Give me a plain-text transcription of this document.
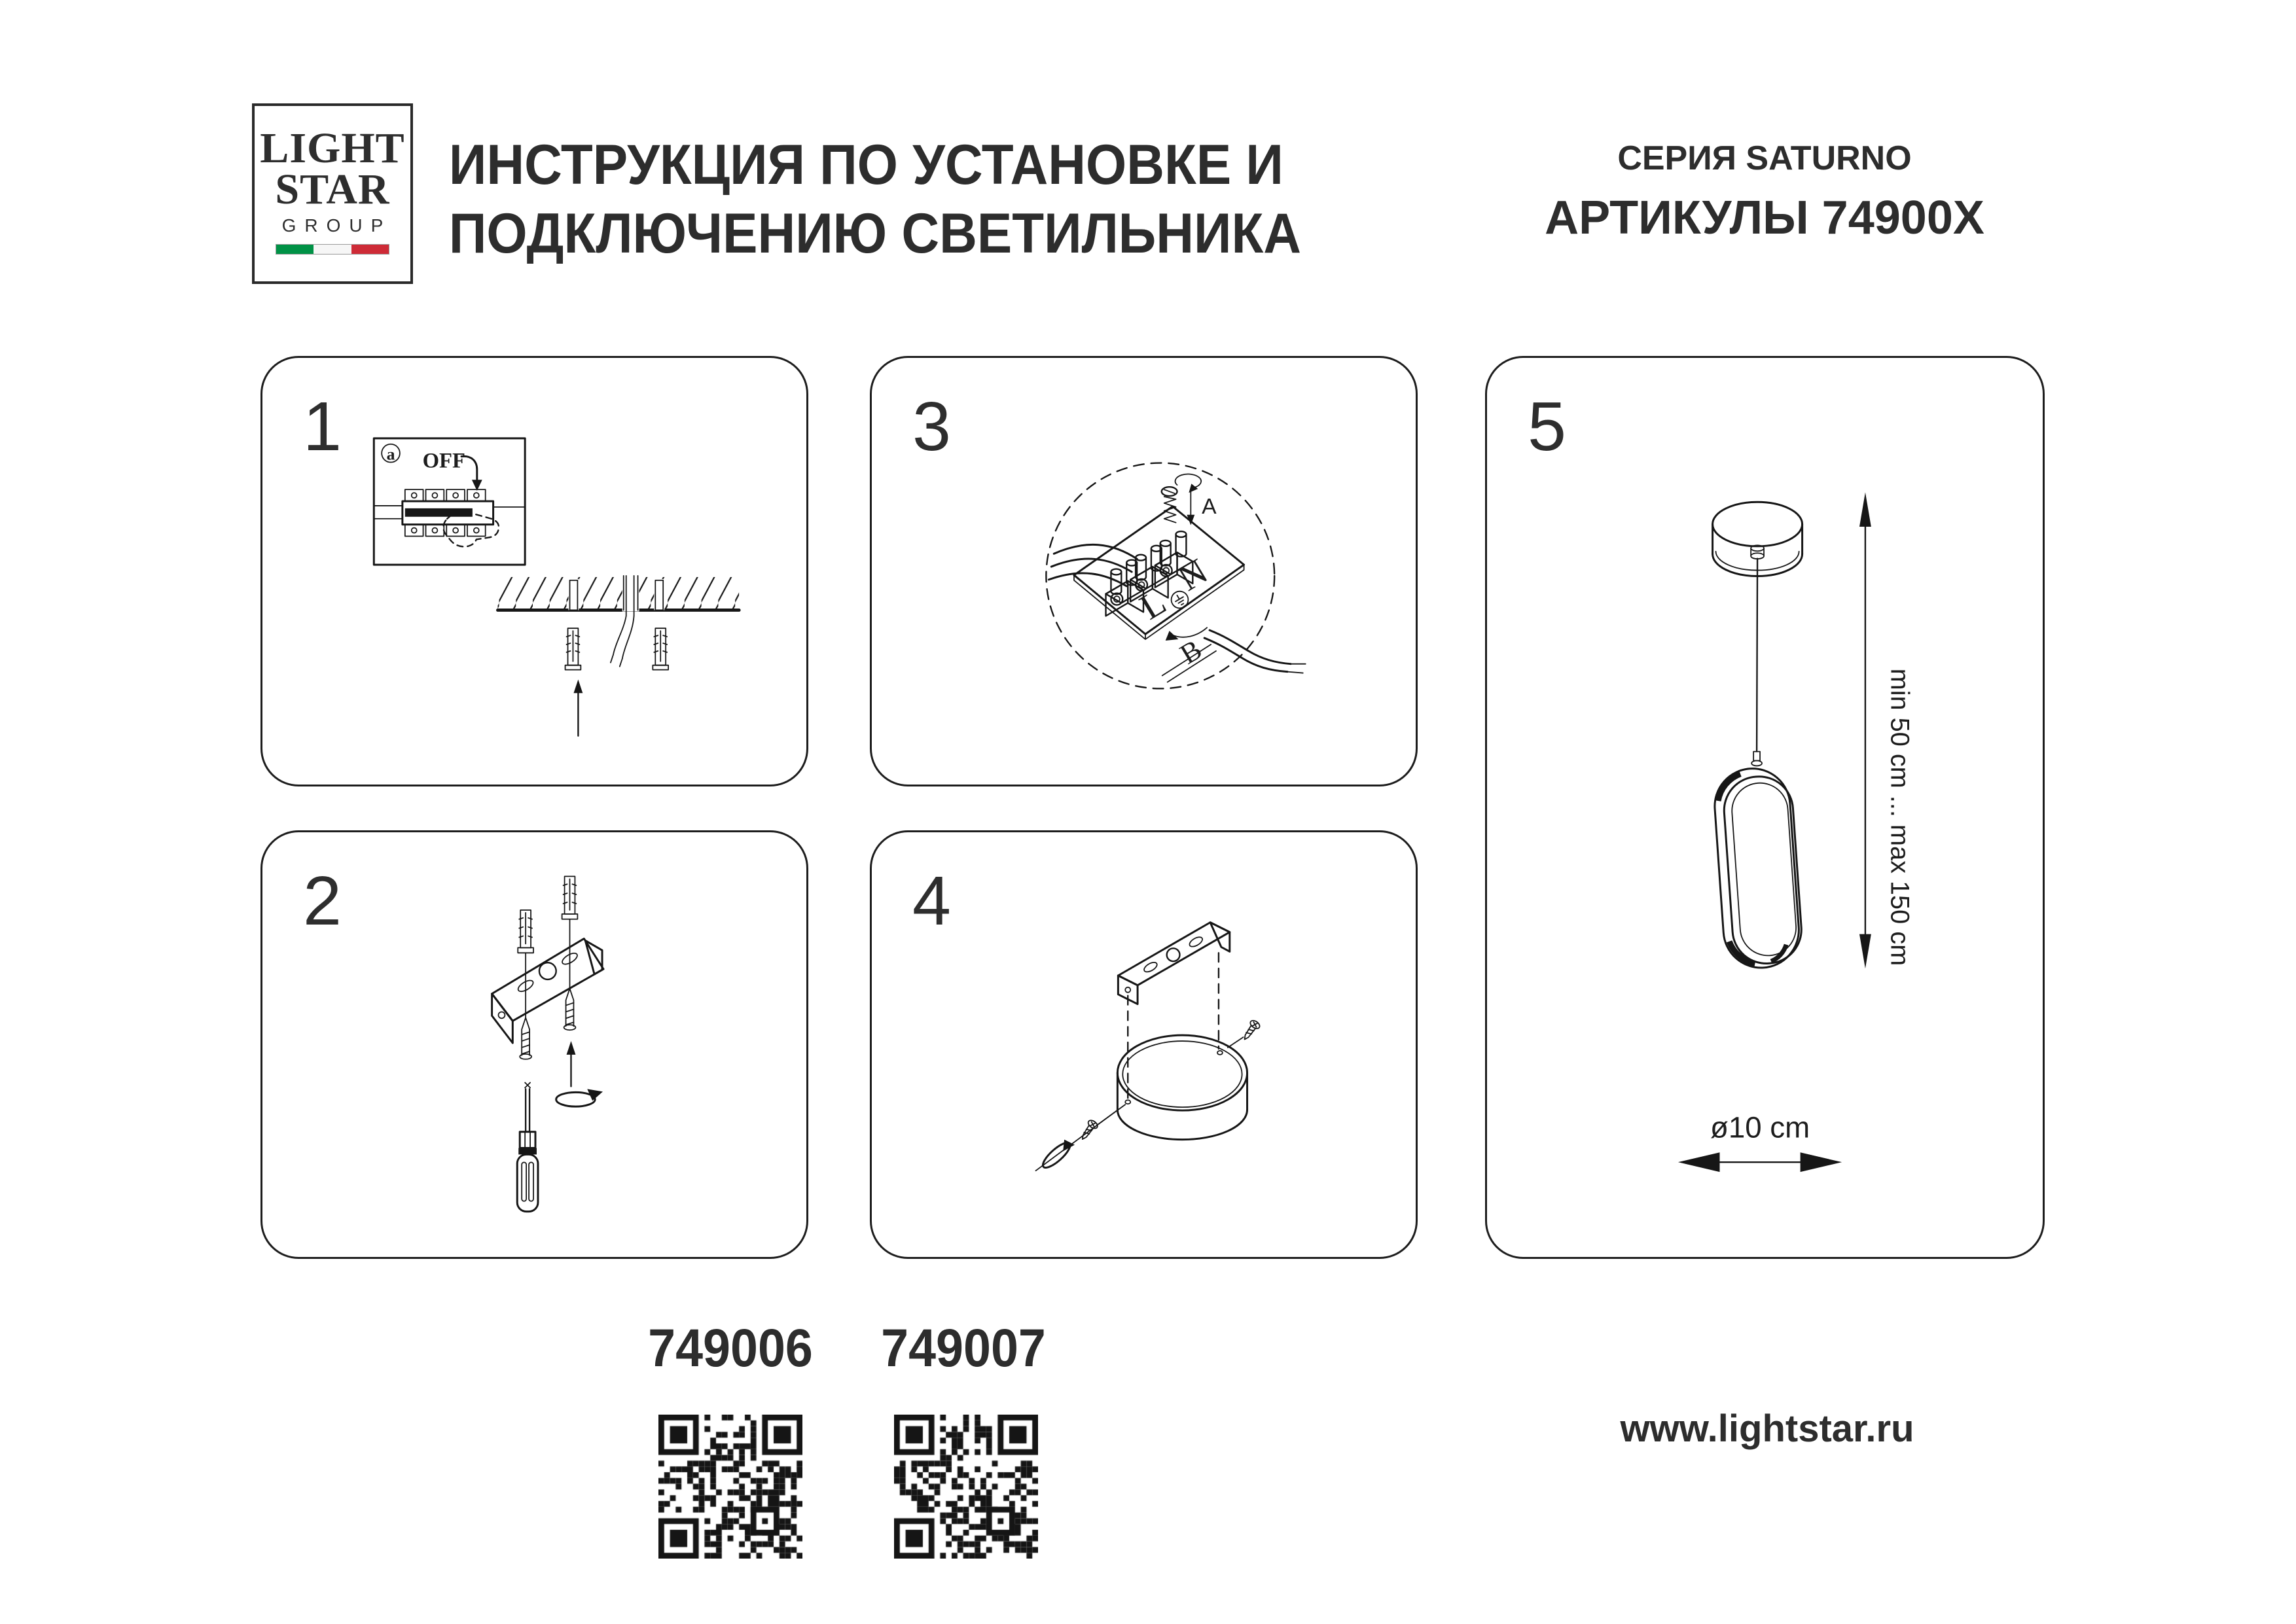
LIGHT
STAR
GROUP
ИНСТРУКЦИЯ ПО УСТАНОВКЕ И
ПОДКЛЮЧЕНИЮ СВЕТИЛЬНИКА
СЕРИЯ SATURNO
АРТИКУЛЫ 74900X
1	a OFF
2
3
A
N
L
B
4
5
min 50 cm ... max 150 cm
ø10 cm
749006 749007
www.lightstar.ru
